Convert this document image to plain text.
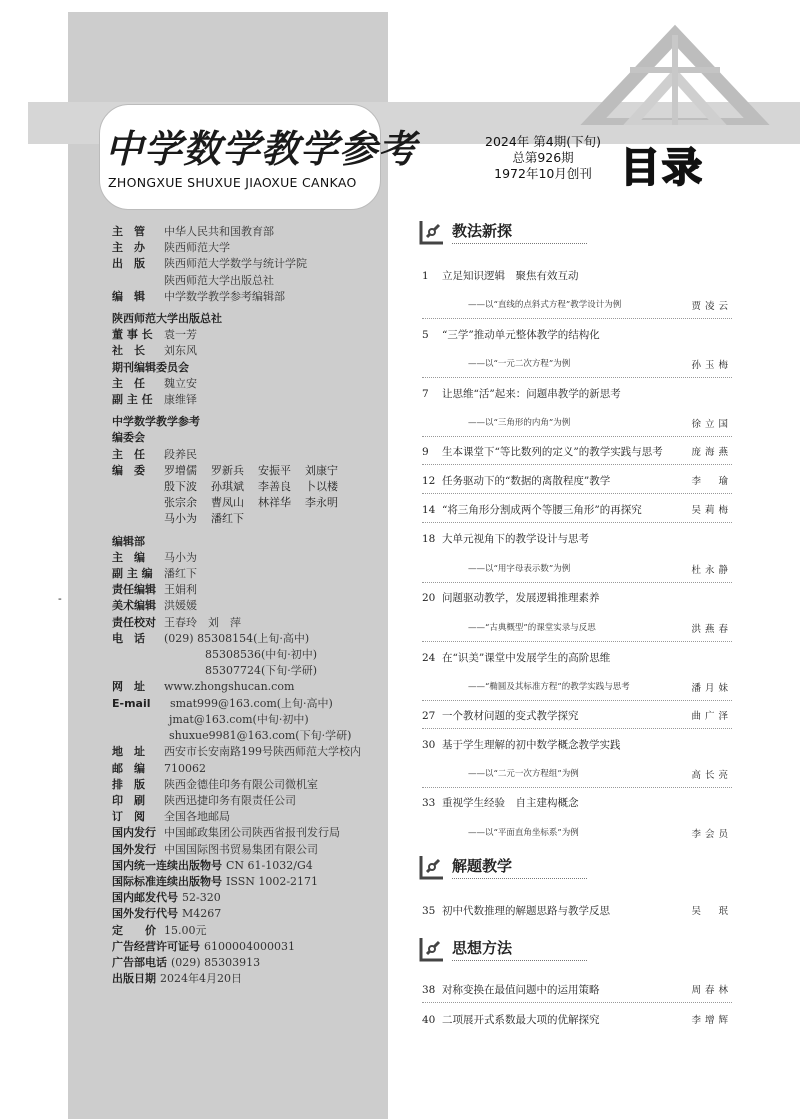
中学数学教学参考
ZHONGXUE SHUXUE JIAOXUE CANKAO
2024年 第4期(下旬)
总第926期
1972年10月创刊 目录
-
主　管	中华人民共和国教育部
主　办	陕西师范大学
出　版	陕西师范大学数学与统计学院
陕西师范大学出版总社
编　辑	中学数学教学参考编辑部
陕西师范大学出版总社
董 事 长	袁一芳
社　长	刘东风
期刊编辑委员会
主　任	魏立安
副 主 任	康维铎
中学数学教学参考
编委会
主　任	段养民
编　委	罗增儒	罗新兵	安振平	刘康宁
殷下波	孙琪斌	李善良	卜以楼
张宗余	曹凤山	林祥华	李永明
马小为	潘红下
编辑部
主　编	马小为
副 主 编	潘红下
责任编辑 王娟利
美术编辑 洪媛媛
责任校对 王春玲　刘　萍
电　话	(029) 85308154(上旬·高中)
85308536(中旬·初中)
85307724(下旬·学研)
网　址	www.zhongshucan.com
E-mail	smat999@163.com(上旬·高中)
jmat@163.com(中旬·初中)
shuxue9981@163.com(下旬·学研)
地　址	西安市长安南路199号陕西师范大学校内
邮　编	710062
排　版	陕西金德佳印务有限公司微机室
印　刷	陕西迅捷印务有限责任公司
订　阅	全国各地邮局
国内发行 中国邮政集团公司陕西省报刊发行局
国外发行 中国国际图书贸易集团有限公司
国内统一连续出版物号 CN 61-1032/G4
国际标准连续出版物号 ISSN 1002-2171
国内邮发代号 52-320
国外发行代号 M4267
定　　价 15.00元
广告经营许可证号 6100004000031
广告部电话 (029) 85303913
出版日期 2024年4月20日
教法新探
解题教学
思想方法
1 立足知识逻辑　聚焦有效互动
——以“直线的点斜式方程”教学设计为例	贾凌云
5 “三学”推动单元整体教学的结构化
——以“一元二次方程”为例	孙玉梅
7 让思维“活”起来：问题串教学的新思考
——以“三角形的内角”为例	徐立国
9 生本课堂下“等比数列的定义”的教学实践与思考	庞海燕
12 任务驱动下的“数据的离散程度”教学	李　瑜
14 “将三角形分割成两个等腰三角形”的再探究	吴莉梅
18 大单元视角下的教学设计与思考
——以“用字母表示数”为例	杜永静
20 问题驱动教学，发展逻辑推理素养
——“古典概型”的课堂实录与反思	洪燕春
24 在“识美”课堂中发展学生的高阶思维
——“椭圆及其标准方程”的教学实践与思考	潘月妹
27 一个教材问题的变式教学探究	曲广泽
30 基于学生理解的初中数学概念教学实践
——以“二元一次方程组”为例	高长亮
33 重视学生经验　自主建构概念
——以“平面直角坐标系”为例	李会员
35 初中代数推理的解题思路与教学反思	吴　珉
38 对称变换在最值问题中的运用策略	周春林
40 二项展开式系数最大项的优解探究	李增辉
